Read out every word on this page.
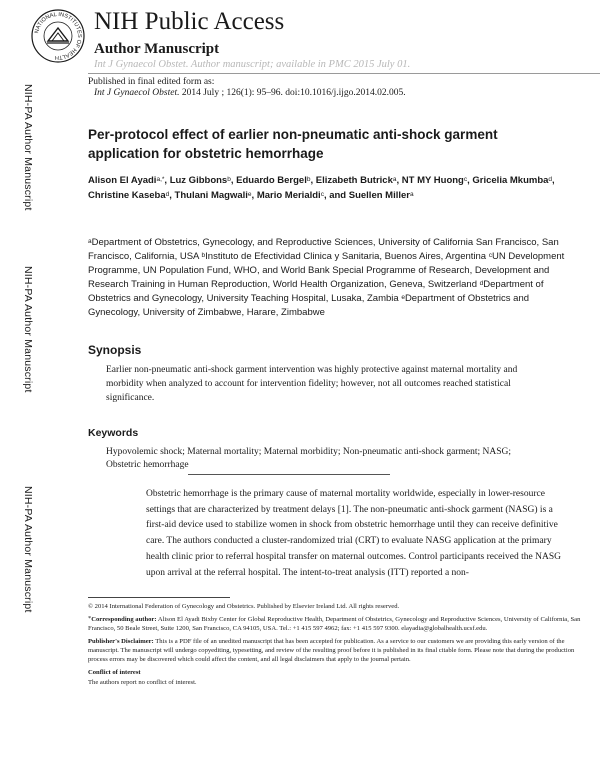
NATIONAL INSTITUTES OF HEALTH
NIH Public Access
Author Manuscript
Int J Gynaecol Obstet. Author manuscript; available in PMC 2015 July 01.
Published in final edited form as:
Int J Gynaecol Obstet. 2014 July ; 126(1): 95–96. doi:10.1016/j.ijgo.2014.02.005.
NIH-PA Author Manuscript
NIH-PA Author Manuscript
NIH-PA Author Manuscript
Per-protocol effect of earlier non-pneumatic anti-shock garment application for obstetric hemorrhage
Alison El Ayadi$^{a,*}$, Luz Gibbons$^b$, Eduardo Bergel$^b$, Elizabeth Butrick$^a$, NT MY Huong$^c$, Gricelia Mkumba$^d$, Christine Kaseba$^d$, Thulani Magwali$^e$, Mario Merialdi$^c$, and Suellen Miller$^a$
$^a$Department of Obstetrics, Gynecology, and Reproductive Sciences, University of California San Francisco, San Francisco, California, USA $^b$Instituto de Efectividad Clinica y Sanitaria, Buenos Aires, Argentina $^c$UN Development Programme, UN Population Fund, WHO, and World Bank Special Programme of Research, Development and Research Training in Human Reproduction, World Health Organization, Geneva, Switzerland $^d$Department of Obstetrics and Gynecology, University Teaching Hospital, Lusaka, Zambia $^e$Department of Obstetrics and Gynecology, University of Zimbabwe, Harare, Zimbabwe
Synopsis
Earlier non-pneumatic anti-shock garment intervention was highly protective against maternal mortality and morbidity when analyzed to account for intervention fidelity; however, not all outcomes reached statistical significance.
Keywords
Hypovolemic shock; Maternal mortality; Maternal morbidity; Non-pneumatic anti-shock garment; NASG; Obstetric hemorrhage
Obstetric hemorrhage is the primary cause of maternal mortality worldwide, especially in lower-resource settings that are characterized by treatment delays [1]. The non-pneumatic anti-shock garment (NASG) is a first-aid device used to stabilize women in shock from obstetric hemorrhage until they can receive definitive care. The authors conducted a cluster-randomized trial (CRT) to evaluate NASG application at the primary health clinic prior to referral hospital transfer on maternal outcomes. Control participants received the NASG upon arrival at the referral hospital. The intent-to-treat analysis (ITT) reported a non-

© 2014 International Federation of Gynecology and Obstetrics. Published by Elsevier Ireland Ltd. All rights reserved.

*Corresponding author: Alison El Ayadi Bixby Center for Global Reproductive Health, Department of Obstetrics, Gynecology and Reproductive Sciences, University of California, San Francisco, 50 Beale Street, Suite 1200, San Francisco, CA 94105, USA. Tel.: +1 415 597 4962; fax: +1 415 597 9300. elayadia@globalhealth.ucsf.edu.

Publisher's Disclaimer: This is a PDF file of an unedited manuscript that has been accepted for publication. As a service to our customers we are providing this early version of the manuscript. The manuscript will undergo copyediting, typesetting, and review of the resulting proof before it is published in its final citable form. Please note that during the production process errors may be discovered which could affect the content, and all legal disclaimers that apply to the journal pertain.

Conflict of interest

The authors report no conflict of interest.
